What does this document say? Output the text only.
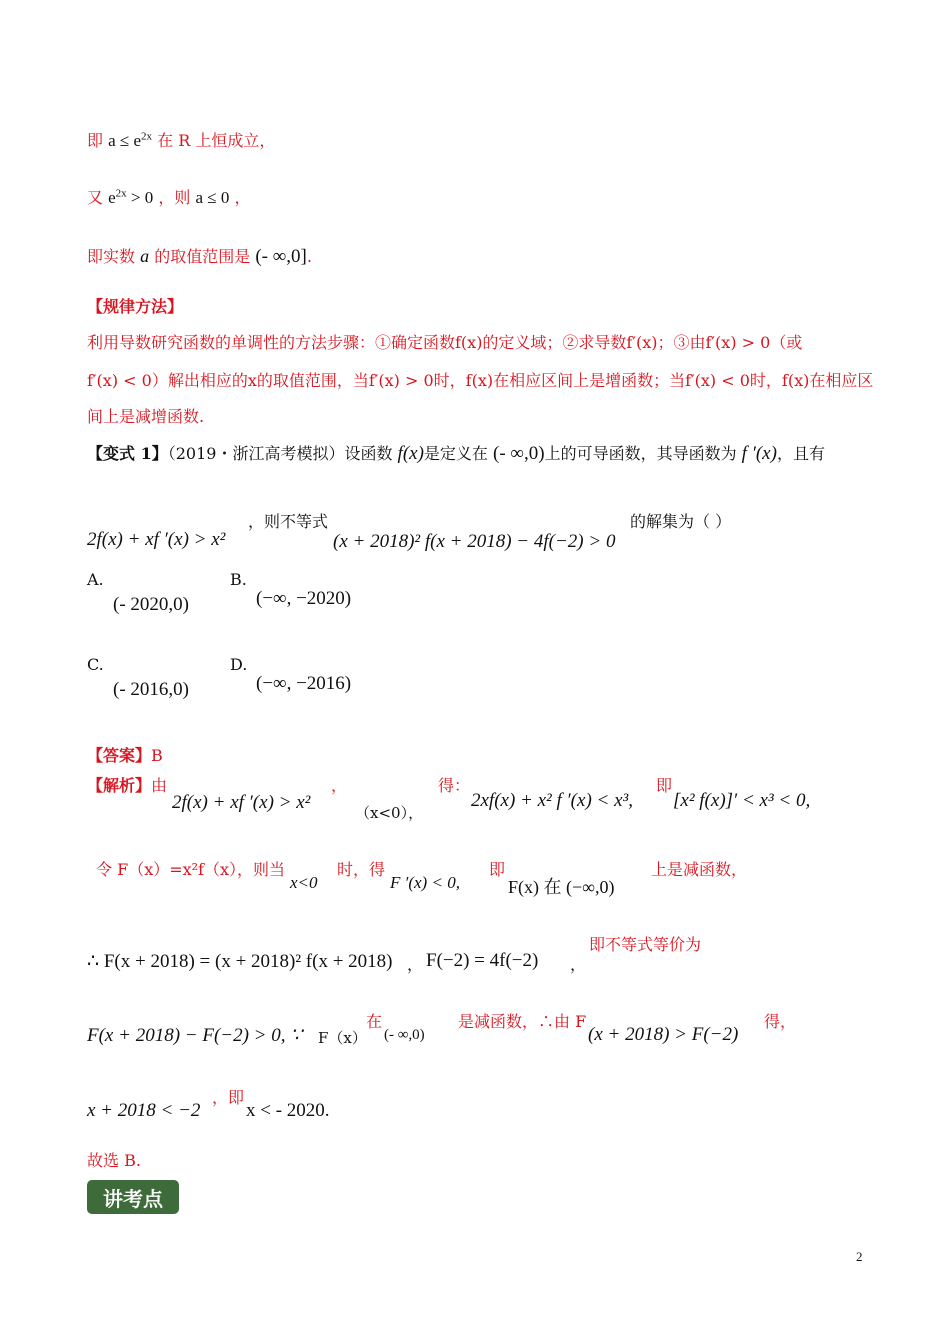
即 $a \le e^{2x}$ 在 R 上恒成立，
又 $e^{2x} > 0$ ，则 a ≤ 0 ，
即实数 a 的取值范围是 (- ∞,0].
【规律方法】
利用导数研究函数的单调性的方法步骤：①确定函数f(x)的定义域；②求导数f′(x)；③由f′(x) > 0（或
f′(x) < 0）解出相应的x的取值范围，当f′(x) > 0时，f(x)在相应区间上是增函数；当f′(x) < 0时，f(x)在相应区
间上是减增函数.
【变式 1】（2019・浙江高考模拟）设函数 f(x)是定义在 (- ∞,0)上的可导函数，其导函数为 f ′(x)，且有
2f(x) + xf ′(x) > x²
，则不等式
(x + 2018)² f(x + 2018) − 4f(−2) > 0
的解集为（ ）
A.
(- 2020,0)
B.
(−∞, −2020)
C.
(- 2016,0)
D.
(−∞, −2016)
【答案】B
【解析】由
2f(x) + xf ′(x) > x²
，
（x<0），
得：
2xf(x) + x² f ′(x) < x³,
即
[x² f(x)]′ < x³ < 0,
令 F（x）=x²f（x），则当
x<0
时，得
F ′(x) < 0,
即
F(x) 在 (−∞,0)
上是减函数，
∴ F(x + 2018) = (x + 2018)² f(x + 2018) ， F(−2) = 4f(−2) ，
即不等式等价为
F(x + 2018) − F(−2) > 0, ∵ F（x）
在
(- ∞,0)
是减函数，∴由 F
(x + 2018) > F(−2)
得，
x + 2018 < −2
，即
x < - 2020.
故选 B.
讲考点
2
